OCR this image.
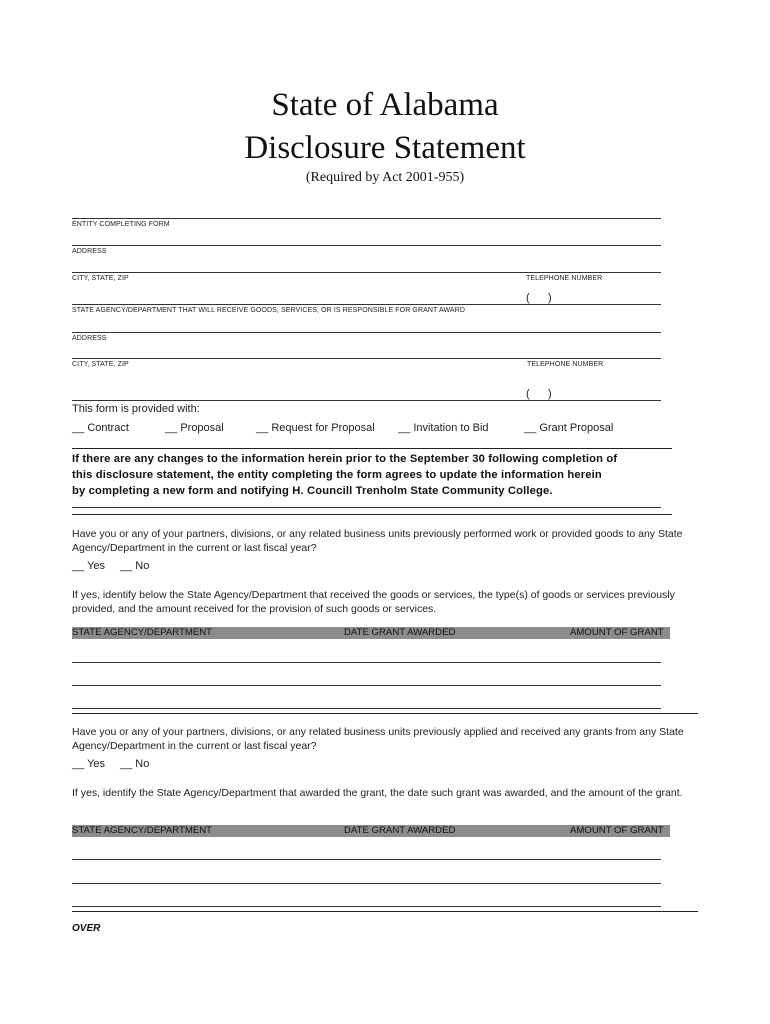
State of Alabama
Disclosure Statement
(Required by Act 2001-955)
ENTITY COMPLETING FORM
ADDRESS
CITY, STATE, ZIP	TELEPHONE NUMBER
(      )
STATE AGENCY/DEPARTMENT THAT WILL RECEIVE GOODS, SERVICES, OR IS RESPONSIBLE FOR GRANT AWARD
ADDRESS
CITY, STATE, ZIP	TELEPHONE NUMBER
(      )
This form is provided with:
__ Contract	__ Proposal	__ Request for Proposal __ Invitation to Bid	__ Grant Proposal
If there are any changes to the information herein prior to the September 30 following completion of
this disclosure statement, the entity completing the form agrees to update the information herein
by completing a new form and notifying H. Councill Trenholm State Community College.
Have you or any of your partners, divisions, or any related business units previously performed work or provided goods to any State Agency/Department in the current or last fiscal year?
__ Yes __ No
If yes, identify below the State Agency/Department that received the goods or services, the type(s) of goods or services previously provided, and the amount received for the provision of such goods or services.
STATE AGENCY/DEPARTMENT	DATE GRANT AWARDED	AMOUNT OF GRANT
Have you or any of your partners, divisions, or any related business units previously applied and received any grants from any State Agency/Department in the current or last fiscal year?
__ Yes __ No
If yes, identify the State Agency/Department that awarded the grant, the date such grant was awarded, and the amount of the grant.
STATE AGENCY/DEPARTMENT	DATE GRANT AWARDED	AMOUNT OF GRANT
OVER
